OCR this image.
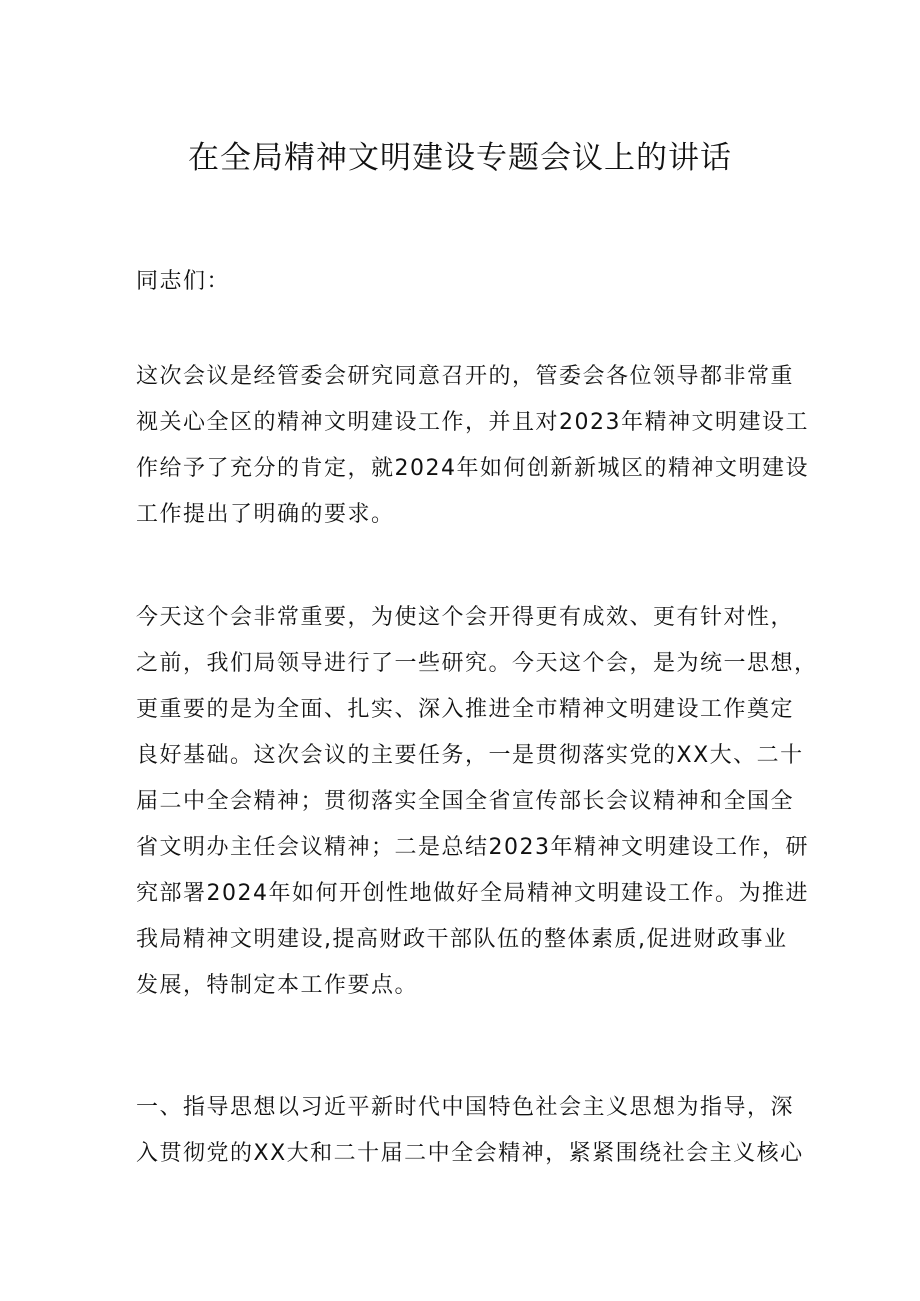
在全局精神文明建设专题会议上的讲话
同志们：
这次会议是经管委会研究同意召开的，管委会各位领导都非常重
视关心全区的精神文明建设工作，并且对2023年精神文明建设工
作给予了充分的肯定，就2024年如何创新新城区的精神文明建设
工作提出了明确的要求。
今天这个会非常重要，为使这个会开得更有成效、更有针对性，
之前，我们局领导进行了一些研究。今天这个会，是为统一思想，
更重要的是为全面、扎实、深入推进全市精神文明建设工作奠定
良好基础。这次会议的主要任务，一是贯彻落实党的XX大、二十
届二中全会精神；贯彻落实全国全省宣传部长会议精神和全国全
省文明办主任会议精神；二是总结2023年精神文明建设工作，研
究部署2024年如何开创性地做好全局精神文明建设工作。为推进
我局精神文明建设,提高财政干部队伍的整体素质,促进财政事业
发展，特制定本工作要点。
一、指导思想以习近平新时代中国特色社会主义思想为指导，深
入贯彻党的XX大和二十届二中全会精神，紧紧围绕社会主义核心
